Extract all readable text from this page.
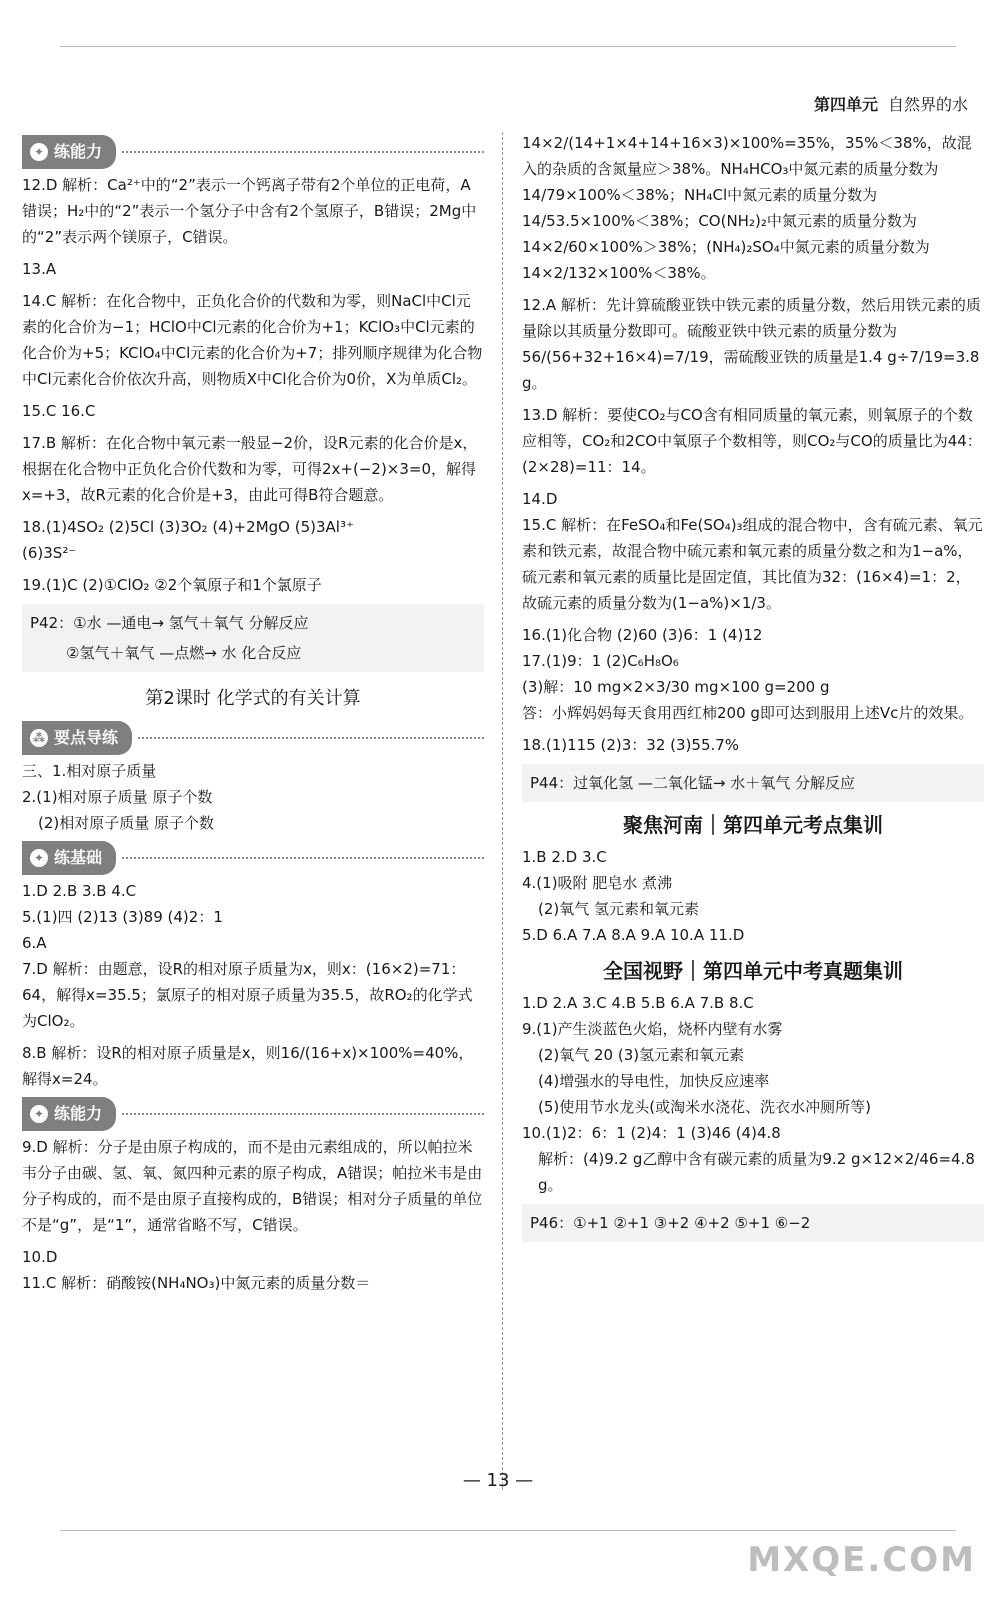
第四单元 自然界的水
✦ 练能力

12.D 解析：Ca²⁺中的“2”表示一个钙离子带有2个单位的正电荷，A错误；H₂中的“2”表示一个氢分子中含有2个氢原子，B错误；2Mg中的“2”表示两个镁原子，C错误。

13.A

14.C 解析：在化合物中，正负化合价的代数和为零，则NaCl中Cl元素的化合价为−1；HClO中Cl元素的化合价为+1；KClO₃中Cl元素的化合价为+5；KClO₄中Cl元素的化合价为+7；排列顺序规律为化合物中Cl元素化合价依次升高，则物质X中Cl化合价为0价，X为单质Cl₂。

15.C 16.C

17.B 解析：在化合物中氧元素一般显−2价，设R元素的化合价是x，根据在化合物中正负化合价代数和为零，可得2x+(−2)×3=0，解得x=+3，故R元素的化合价是+3，由此可得B符合题意。

18.(1)4SO₂ (2)5Cl (3)3O₂ (4)+2MgO (5)3Al³⁺

(6)3S²⁻

19.(1)C (2)①ClO₂ ②2个氧原子和1个氯原子

P42：①水 —通电→ 氢气＋氧气 分解反应

②氢气＋氧气 —点燃→ 水 化合反应

第2课时 化学式的有关计算
⁂ 要点导练

三、1.相对原子质量

2.(1)相对原子质量 原子个数

(2)相对原子质量 原子个数

✦ 练基础

1.D 2.B 3.B 4.C

5.(1)四 (2)13 (3)89 (4)2：1

6.A

7.D 解析：由题意，设R的相对原子质量为x，则x：(16×2)=71：64，解得x=35.5；氯原子的相对原子质量为35.5，故RO₂的化学式为ClO₂。

8.B 解析：设R的相对原子质量是x，则16/(16+x)×100%=40%，解得x=24。

✦ 练能力

9.D 解析：分子是由原子构成的，而不是由元素组成的，所以帕拉米韦分子由碳、氢、氧、氮四种元素的原子构成，A错误；帕拉米韦是由分子构成的，而不是由原子直接构成的，B错误；相对分子质量的单位不是“g”，是“1”，通常省略不写，C错误。

10.D

11.C 解析：硝酸铵(NH₄NO₃)中氮元素的质量分数＝

14×2/(14+1×4+14+16×3)×100%=35%，35%＜38%，故混入的杂质的含氮量应＞38%。NH₄HCO₃中氮元素的质量分数为14/79×100%＜38%；NH₄Cl中氮元素的质量分数为14/53.5×100%＜38%；CO(NH₂)₂中氮元素的质量分数为14×2/60×100%＞38%；(NH₄)₂SO₄中氮元素的质量分数为14×2/132×100%＜38%。

12.A 解析：先计算硫酸亚铁中铁元素的质量分数，然后用铁元素的质量除以其质量分数即可。硫酸亚铁中铁元素的质量分数为56/(56+32+16×4)=7/19，需硫酸亚铁的质量是1.4 g÷7/19=3.8 g。

13.D 解析：要使CO₂与CO含有相同质量的氧元素，则氧原子的个数应相等，CO₂和2CO中氧原子个数相等，则CO₂与CO的质量比为44：(2×28)=11：14。

14.D

15.C 解析：在FeSO₄和Fe(SO₄)₃组成的混合物中，含有硫元素、氧元素和铁元素，故混合物中硫元素和氧元素的质量分数之和为1−a%，硫元素和氧元素的质量比是固定值，其比值为32：(16×4)=1：2，故硫元素的质量分数为(1−a%)×1/3。

16.(1)化合物 (2)60 (3)6：1 (4)12

17.(1)9：1 (2)C₆H₈O₆

(3)解：10 mg×2×3/30 mg×100 g=200 g

答：小辉妈妈每天食用西红柿200 g即可达到服用上述Vc片的效果。

18.(1)115 (2)3：32 (3)55.7%

P44：过氧化氢 —二氧化锰→ 水＋氧气 分解反应

聚焦河南｜第四单元考点集训

1.B 2.D 3.C

4.(1)吸附 肥皂水 煮沸

(2)氧气 氢元素和氧元素

5.D 6.A 7.A 8.A 9.A 10.A 11.D

全国视野｜第四单元中考真题集训

1.D 2.A 3.C 4.B 5.B 6.A 7.B 8.C

9.(1)产生淡蓝色火焰，烧杯内壁有水雾

(2)氧气 20 (3)氢元素和氧元素

(4)增强水的导电性，加快反应速率

(5)使用节水龙头(或淘米水浇花、洗衣水冲厕所等)

10.(1)2：6：1 (2)4：1 (3)46 (4)4.8

解析：(4)9.2 g乙醇中含有碳元素的质量为9.2 g×12×2/46=4.8 g。

P46：①+1 ②+1 ③+2 ④+2 ⑤+1 ⑥−2

— 13 —
MXQE.COM
